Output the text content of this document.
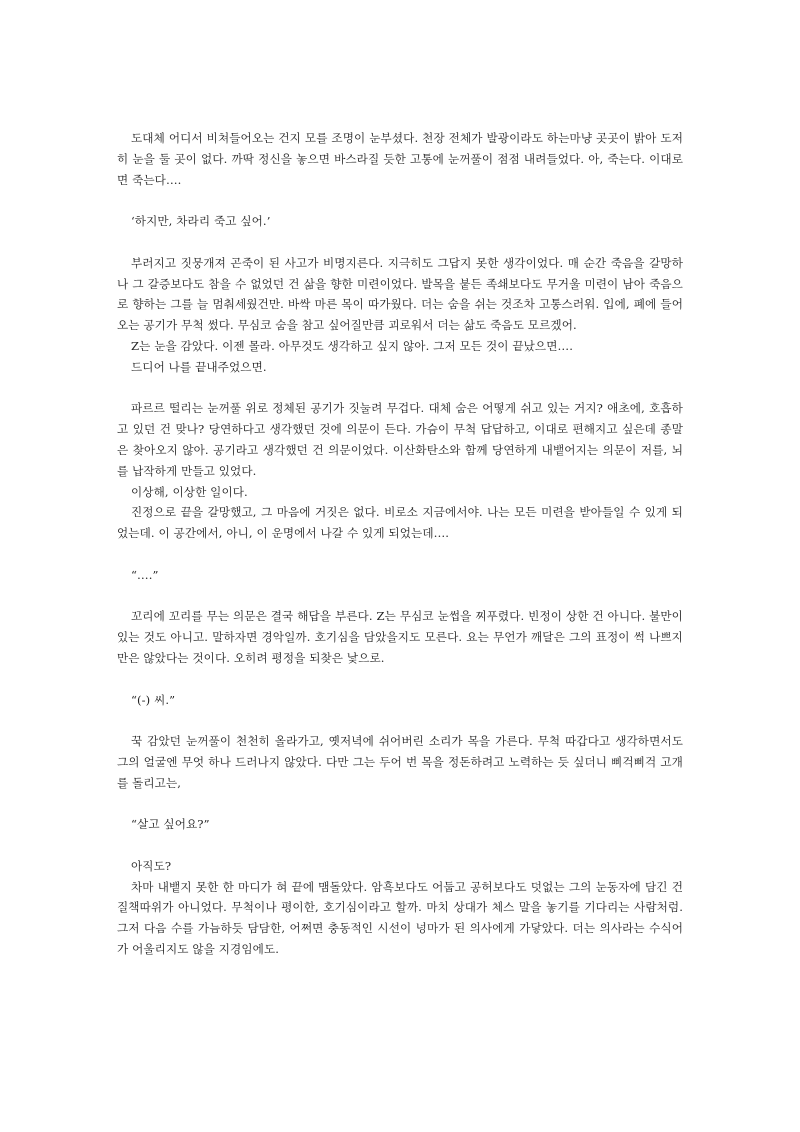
도대체 어디서 비쳐들어오는 건지 모를 조명이 눈부셨다. 천장 전체가 발광이라도 하는마냥 곳곳이 밝아 도저히 눈을 둘 곳이 없다. 까딱 정신을 놓으면 바스라질 듯한 고통에 눈꺼풀이 점점 내려들었다. 아, 죽는다. 이대로면 죽는다….

‘하지만, 차라리 죽고 싶어.’

부러지고 짓뭉개져 곤죽이 된 사고가 비명지른다. 지극히도 그답지 못한 생각이었다. 매 순간 죽음을 갈망하나 그 갈증보다도 참을 수 없었던 건 삶을 향한 미련이었다. 발목을 붙든 족쇄보다도 무거울 미련이 남아 죽음으로 향하는 그를 늘 멈춰세웠건만. 바싹 마른 목이 따가웠다. 더는 숨을 쉬는 것조차 고통스러워. 입에, 폐에 들어오는 공기가 무척 썼다. 무심코 숨을 참고 싶어질만큼 괴로워서 더는 삶도 죽음도 모르겠어.

Z는 눈을 감았다. 이젠 몰라. 아무것도 생각하고 싶지 않아. 그저 모든 것이 끝났으면….

드디어 나를 끝내주었으면.

파르르 떨리는 눈꺼풀 위로 정체된 공기가 짓눌려 무겁다. 대체 숨은 어떻게 쉬고 있는 거지? 애초에, 호흡하고 있던 건 맞나? 당연하다고 생각했던 것에 의문이 든다. 가슴이 무척 답답하고, 이대로 편해지고 싶은데 종말은 찾아오지 않아. 공기라고 생각했던 건 의문이었다. 이산화탄소와 함께 당연하게 내뱉어지는 의문이 저를, 뇌를 납작하게 만들고 있었다.

이상해, 이상한 일이다.

진정으로 끝을 갈망했고, 그 마음에 거짓은 없다. 비로소 지금에서야. 나는 모든 미련을 받아들일 수 있게 되었는데. 이 공간에서, 아니, 이 운명에서 나갈 수 있게 되었는데….

“….”

꼬리에 꼬리를 무는 의문은 결국 해답을 부른다. Z는 무심코 눈썹을 찌푸렸다. 빈정이 상한 건 아니다. 불만이 있는 것도 아니고. 말하자면 경악일까. 호기심을 담았을지도 모른다. 요는 무언가 깨달은 그의 표정이 썩 나쁘지만은 않았다는 것이다. 오히려 평정을 되찾은 낯으로.

“(-) 씨.”

꾹 감았던 눈꺼풀이 천천히 올라가고, 옛저녁에 쉬어버린 소리가 목을 가른다. 무척 따갑다고 생각하면서도 그의 얼굴엔 무엇 하나 드러나지 않았다. 다만 그는 두어 번 목을 정돈하려고 노력하는 듯 싶더니 삐걱삐걱 고개를 돌리고는,

“살고 싶어요?”

아직도?

차마 내뱉지 못한 한 마디가 혀 끝에 맴돌았다. 암흑보다도 어둡고 공허보다도 덧없는 그의 눈동자에 담긴 건 질책따위가 아니었다. 무척이나 평이한, 호기심이라고 할까. 마치 상대가 체스 말을 놓기를 기다리는 사람처럼. 그저 다음 수를 가늠하듯 담담한, 어쩌면 충동적인 시선이 넝마가 된 의사에게 가닿았다. 더는 의사라는 수식어가 어울리지도 않을 지경임에도.
